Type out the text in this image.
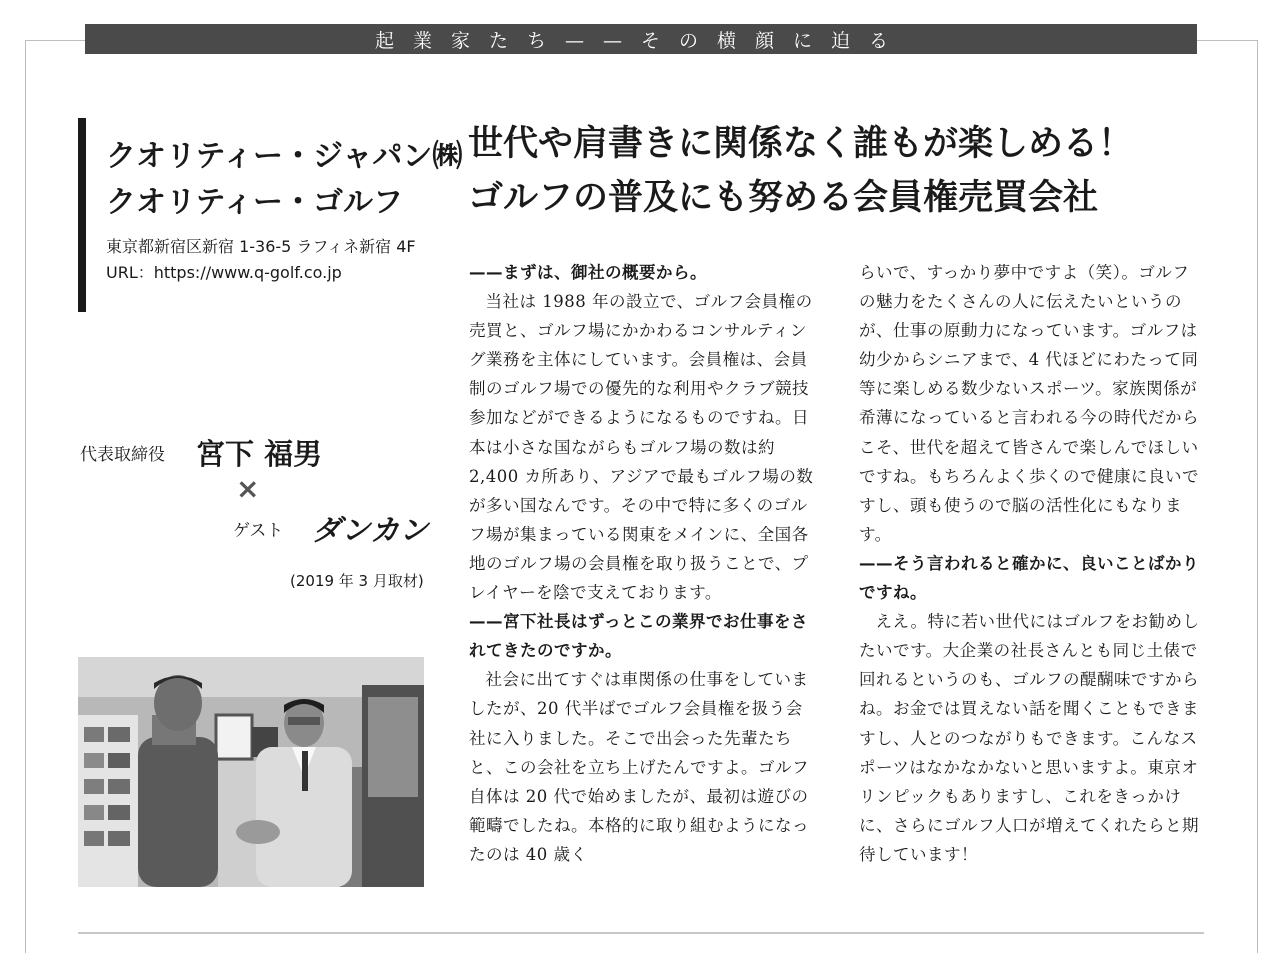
起業家たち——その横顔に迫る

クオリティー・ジャパン㈱

クオリティー・ゴルフ

東京都新宿区新宿 1-36-5 ラフィネ新宿 4F

URL：https://www.q-golf.co.jp

代表取締役 宮下 福男
×
ゲスト ダンカン
(2019 年 3 月取材)
世代や肩書きに関係なく誰もが楽しめる！
ゴルフの普及にも努める会員権売買会社

——まずは、御社の概要から。

当社は 1988 年の設立で、ゴルフ会員権の売買と、ゴルフ場にかかわるコンサルティング業務を主体にしています。会員権は、会員制のゴルフ場での優先的な利用やクラブ競技参加などができるようになるものですね。日本は小さな国ながらもゴルフ場の数は約 2,400 カ所あり、アジアで最もゴルフ場の数が多い国なんです。その中で特に多くのゴルフ場が集まっている関東をメインに、全国各地のゴルフ場の会員権を取り扱うことで、プレイヤーを陰で支えております。

——宮下社長はずっとこの業界でお仕事をされてきたのですか。

社会に出てすぐは車関係の仕事をしていましたが、20 代半ばでゴルフ会員権を扱う会社に入りました。そこで出会った先輩たちと、この会社を立ち上げたんですよ。ゴルフ自体は 20 代で始めましたが、最初は遊びの範疇でしたね。本格的に取り組むようになったのは 40 歳く

らいで、すっかり夢中ですよ（笑）。ゴルフの魅力をたくさんの人に伝えたいというのが、仕事の原動力になっています。ゴルフは幼少からシニアまで、4 代ほどにわたって同等に楽しめる数少ないスポーツ。家族関係が希薄になっていると言われる今の時代だからこそ、世代を超えて皆さんで楽しんでほしいですね。もちろんよく歩くので健康に良いですし、頭も使うので脳の活性化にもなります。

——そう言われると確かに、良いことばかりですね。

ええ。特に若い世代にはゴルフをお勧めしたいです。大企業の社長さんとも同じ土俵で回れるというのも、ゴルフの醍醐味ですからね。お金では買えない話を聞くこともできますし、人とのつながりもできます。こんなスポーツはなかなかないと思いますよ。東京オリンピックもありますし、これをきっかけに、さらにゴルフ人口が増えてくれたらと期待しています！
